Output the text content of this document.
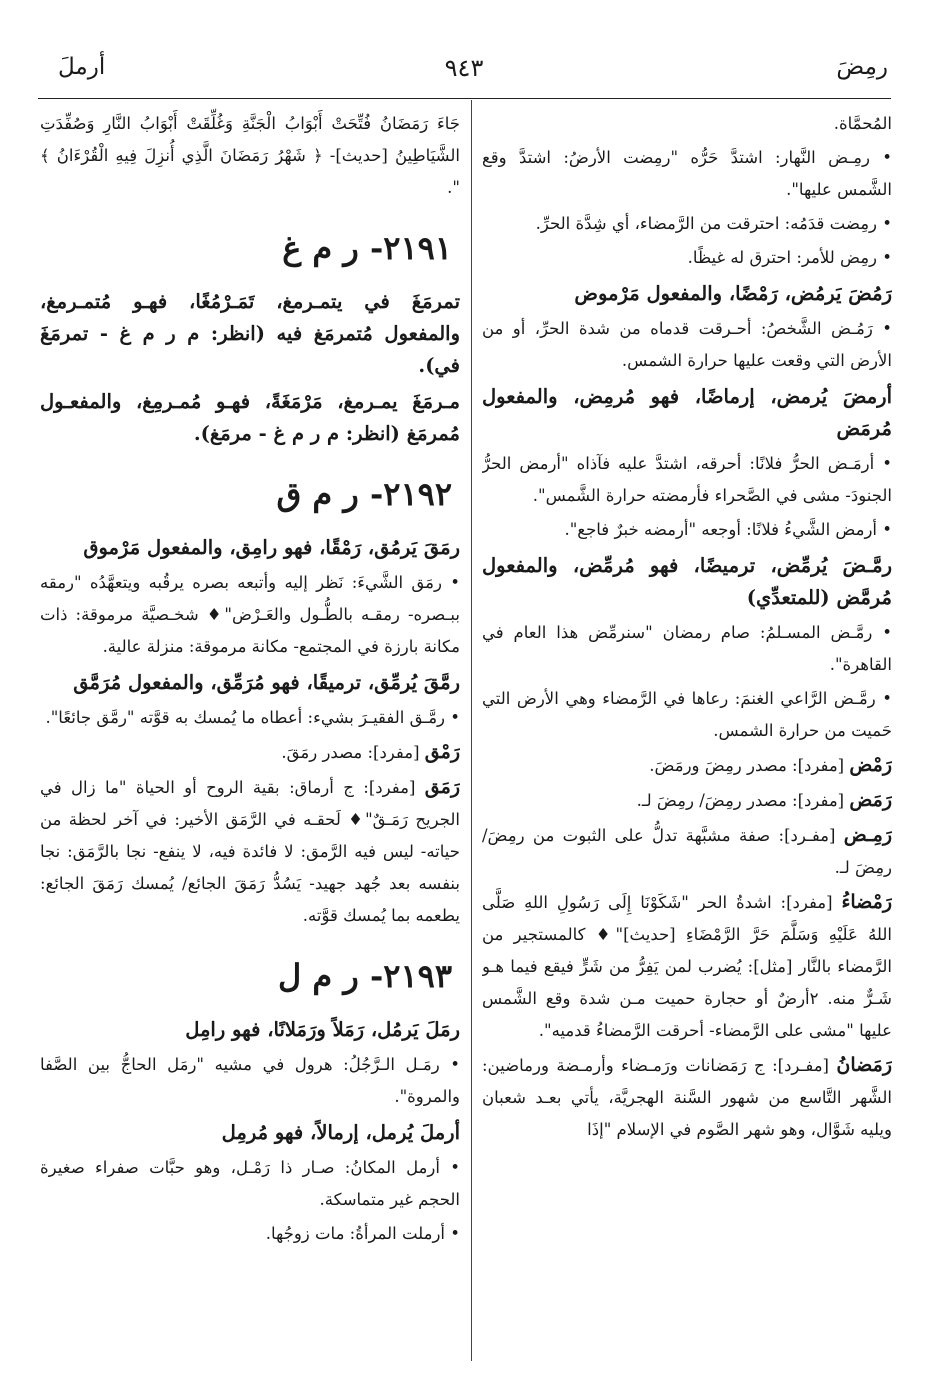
٩٤٣	رمِضَ
أرملَ
المُحمَّاة.
• رمِـض النَّهار: اشتدَّ حَرُّه "رمِضت الأرضُ: اشتدَّ وقع الشَّمس عليها".
• رمِضت قدَمُه: احترقت من الرَّمضاء، أي شِدَّة الحرِّ.
• رمِض للأمر: احترق له غيظًا.
رَمُضَ يَرمُض، رَمْضًا، والمفعول مَرْموض
• رَمُـض الشَّخصُ: أحـرقت قدماه من شدة الحرِّ، أو من الأرض التي وقعت عليها حرارة الشمس.
أرمضَ يُرمض، إرماضًا، فهو مُرمِض، والمفعول مُرمَض
• أرمَـض الحرُّ فلانًا: أحرقه، اشتدَّ عليه فآذاه "أرمض الحرُّ الجنودَ- مشى في الصَّحراء فأرمضته حرارة الشَّمس".
• أرمض الشَّيءُ فلانًا: أوجعه "أرمضه خبرٌ فاجع".
رمَّـضَ يُرمِّض، ترميضًا، فهو مُرمِّض، والمفعول مُرمَّض (للمتعدِّي)
• رمَّـض المسـلمُ: صام رمضان "سنرمِّض هذا العام في القاهرة".
• رمَّـض الرَّاعي الغنمَ: رعاها في الرَّمضاء وهي الأرض التي حَميت من حرارة الشمس.
رَمْض [مفرد]: مصدر رمِضَ ورمَضَ.
رَمَض [مفرد]: مصدر رمِضَ/ رمِضَ لـ.
رَمِـض [مفـرد]: صفة مشبَّهة تدلُّ على الثبوت من رمِضَ/ رمِضَ لـ.
رَمْضاءُ [مفرد]: اشدةُ الحر "شَكَوْنَا إِلَى رَسُولِ اللهِ صَلَّى اللهُ عَلَيْهِ وَسَلَّمَ حَرَّ الرَّمْضَاءِ [حديث]"♦ كالمستجير من الرَّمضاء بالنَّار [مثل]: يُضرب لمن يَفِرُّ من شَرٍّ فيقع فيما هـو شَـرٌّ منه. ٢أرضٌ أو حجارة حميت مـن شدة وقع الشَّمس عليها "مشى على الرَّمضاء- أحرقت الرَّمضاءُ قدميه".
رَمَضانُ [مفـرد]: ج رَمَضانات ورَمـضاء وأرمـضة ورماضين: الشَّهر التَّاسع من شهور السَّنة الهجريَّة، يأتي بعـد شعبان ويليه شَوَّال، وهو شهر الصَّوم في الإسلام "إذَا
جَاءَ رَمَضَانُ فُتِّحَتْ أَبْوَابُ الْجَنَّةِ وَغُلِّقَتْ أَبْوَابُ النَّارِ وَصُفِّدَتِ الشَّيَاطِينُ [حديث]- ﴿ شَهْرُ رَمَضَانَ الَّذِي أُنزِلَ فِيهِ الْقُرْءَانُ ﴾ ".
٢١٩١- ر م غ
تمرمَغَ في يتمـرمغ، تَمَـرْمُغًا، فهـو مُتمـرمغ، والمفعول مُتمرمَغ فيه (انظر: م ر م غ - تمرمَغَ في).
مـرمَغَ يمـرمغ، مَرْمَغَةً، فهـو مُمـرمِغ، والمفعـول مُمرمَغ (انظر: م ر م غ - مرمَغ).
٢١٩٢- ر م ق
رمَقَ يَرمُق، رَمْقًا، فهو رامِق، والمفعول مَرْموق
• رمَق الشَّيءَ: نَظر إليه وأتبعه بصره يرقُبه ويتعهَّدُه "رمقه ببـصره- رمقـه بالطُّـول والعَـرْض"♦ شخـصيَّة مرموقة: ذات مكانة بارزة في المجتمع- مكانة مرموقة: منزلة عالية.
رمَّقَ يُرمِّق، ترميقًا، فهو مُرَمِّق، والمفعول مُرَمَّق
• رمَّـق الفقيـرَ بشيء: أعطاه ما يُمسك به قوَّته "رمَّق جائعًا".
رَمْق [مفرد]: مصدر رمَقَ.
رَمَق [مفرد]: ج أرماق: بقية الروح أو الحياة "ما زال في الجريح رَمَـقٌ"♦ لَحقـه في الرَّمَق الأخير: في آخر لحظة من حياته- ليس فيه الرَّمق: لا فائدة فيه، لا ينفع- نجا بالرَّمَق: نجا بنفسه بعد جُهد جهيد- يَسُدُّ رَمَقَ الجائع/ يُمسك رَمَقَ الجائع: يطعمه بما يُمسك قوَّته.
٢١٩٣- ر م ل
رمَلَ يَرمُل، رَمَلاً ورَمَلانًا، فهو رامِل
• رمَـل الـرَّجُلُ: هرول في مشيه "رمَل الحاجُّ بين الصَّفا والمروة".
أرملَ يُرمل، إرمالاً، فهو مُرمِل
• أرمل المكانُ: صـار ذا رَمْـل، وهو حبَّات صفراء صغيرة الحجم غير متماسكة.
• أرملت المرأةُ: مات زوجُها.
